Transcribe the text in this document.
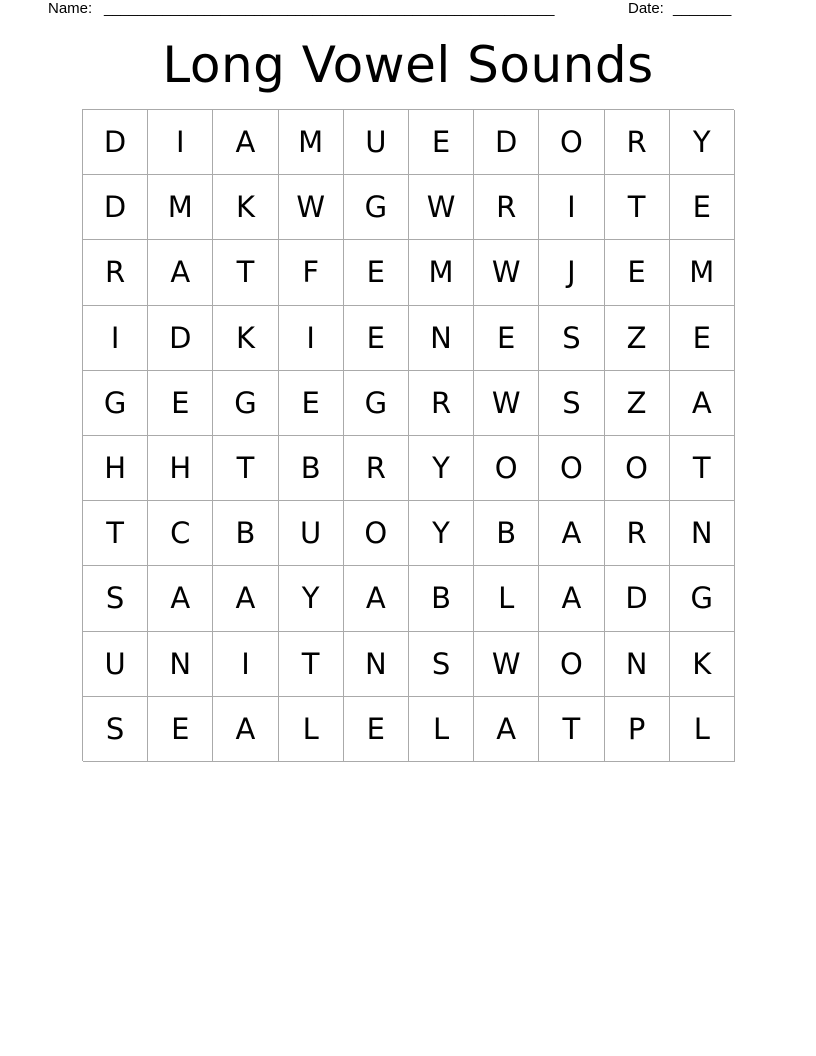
Name: ______________________________________________________	Date: _______
Long Vowel Sounds
D	I	A	M	U	E	D	O	R	Y
D	M	K	W	G	W	R	I	T	E
R	A	T	F	E	M	W	J	E	M
I	D	K	I	E	N	E	S	Z	E
G	E	G	E	G	R	W	S	Z	A
H	H	T	B	R	Y	O	O	O	T
T	C	B	U	O	Y	B	A	R	N
S	A	A	Y	A	B	L	A	D	G
U	N	I	T	N	S	W	O	N	K
S	E	A	L	E	L	A	T	P	L
